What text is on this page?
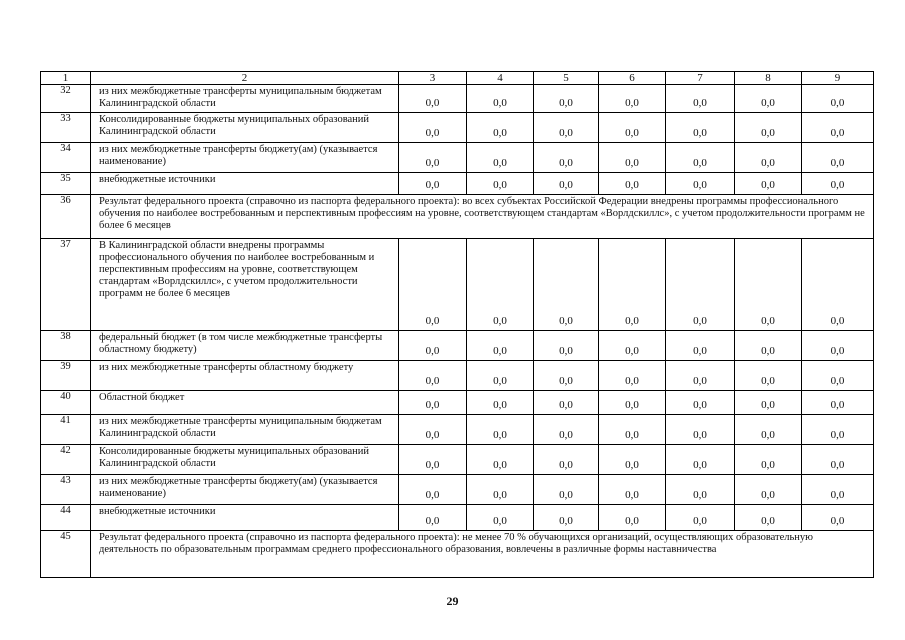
1	2	3	4	5	6	7	8	9
32	из них межбюджетные трансферты муниципальным бюджетам Калининградской области	0,0	0,0	0,0	0,0	0,0	0,0	0,0
33	Консолидированные бюджеты муниципальных образований Калининградской области	0,0	0,0	0,0	0,0	0,0	0,0	0,0
34	из них межбюджетные трансферты бюджету(ам) (указывается наименование)	0,0	0,0	0,0	0,0	0,0	0,0	0,0
35	внебюджетные источники	0,0	0,0	0,0	0,0	0,0	0,0	0,0
36	Результат федерального проекта (справочно из паспорта федерального проекта): во всех субъектах Российской Федерации внедрены программы профессионального обучения по наиболее востребованным и перспективным профессиям на уровне, соответствующем стандартам «Ворлдскиллс», с учетом продолжительности программ не более 6 месяцев							
37	В Калининградской области внедрены программы профессионального обучения по наиболее востребованным и перспективным профессиям на уровне, соответствующем стандартам «Ворлдскиллс», с учетом продолжительности программ не более 6 месяцев	0,0	0,0	0,0	0,0	0,0	0,0	0,0
38	федеральный бюджет (в том числе межбюджетные трансферты областному бюджету)	0,0	0,0	0,0	0,0	0,0	0,0	0,0
39	из них межбюджетные трансферты областному бюджету	0,0	0,0	0,0	0,0	0,0	0,0	0,0
40	Областной бюджет	0,0	0,0	0,0	0,0	0,0	0,0	0,0
41	из них межбюджетные трансферты муниципальным бюджетам Калининградской области	0,0	0,0	0,0	0,0	0,0	0,0	0,0
42	Консолидированные бюджеты муниципальных образований Калининградской области	0,0	0,0	0,0	0,0	0,0	0,0	0,0
43	из них межбюджетные трансферты бюджету(ам) (указывается наименование)	0,0	0,0	0,0	0,0	0,0	0,0	0,0
44	внебюджетные источники	0,0	0,0	0,0	0,0	0,0	0,0	0,0
45	Результат федерального проекта (справочно из паспорта федерального проекта): не менее 70 % обучающихся организаций, осуществляющих образовательную деятельность по образовательным программам среднего профессионального образования, вовлечены в различные формы наставничества							
29
